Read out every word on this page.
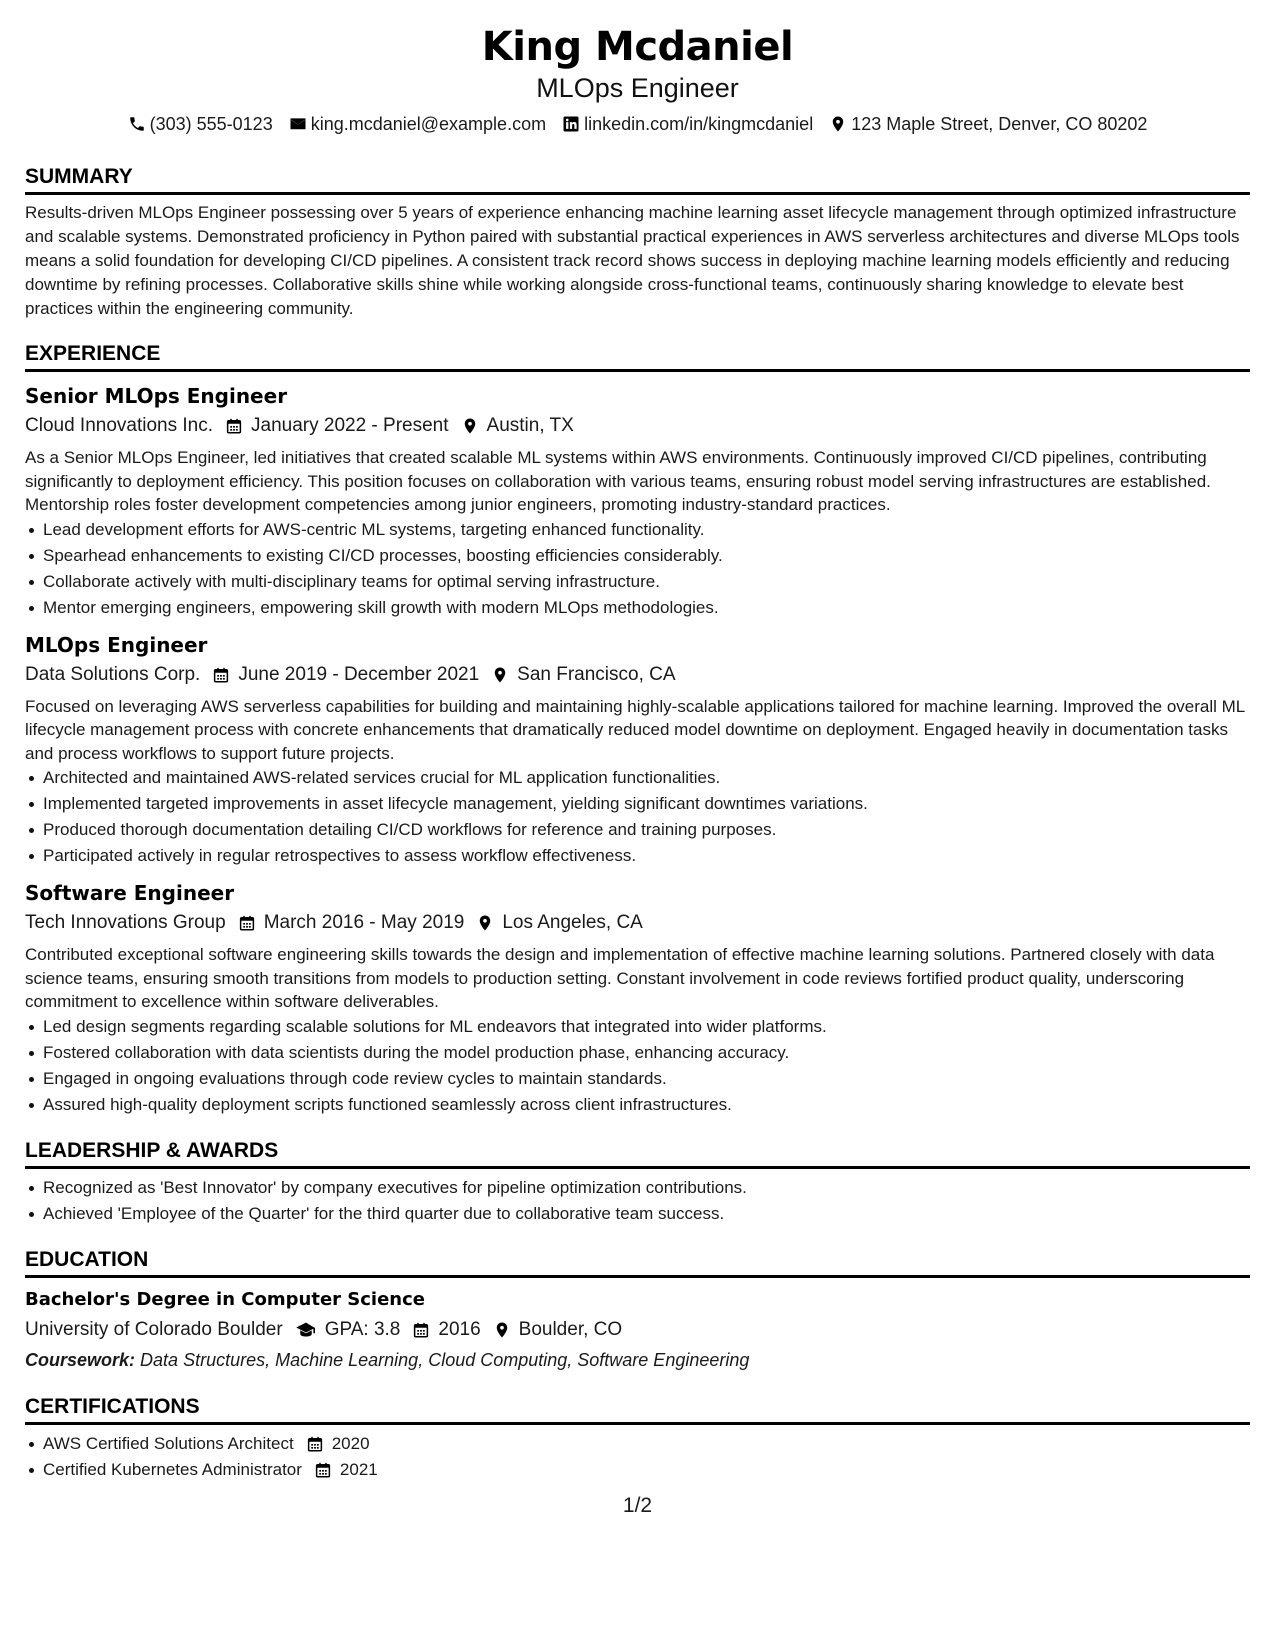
King Mcdaniel
MLOps Engineer
(303) 555-0123 king.mcdaniel@example.com linkedin.com/in/kingmcdaniel 123 Maple Street, Denver, CO 80202
SUMMARY
Results-driven MLOps Engineer possessing over 5 years of experience enhancing machine learning asset lifecycle management through optimized infrastructure and scalable systems. Demonstrated proficiency in Python paired with substantial practical experiences in AWS serverless architectures and diverse MLOps tools means a solid foundation for developing CI/CD pipelines. A consistent track record shows success in deploying machine learning models efficiently and reducing downtime by refining processes. Collaborative skills shine while working alongside cross-functional teams, continuously sharing knowledge to elevate best practices within the engineering community.
EXPERIENCE
Senior MLOps Engineer
Cloud Innovations Inc. January 2022 - Present Austin, TX
As a Senior MLOps Engineer, led initiatives that created scalable ML systems within AWS environments. Continuously improved CI/CD pipelines, contributing significantly to deployment efficiency. This position focuses on collaboration with various teams, ensuring robust model serving infrastructures are established. Mentorship roles foster development competencies among junior engineers, promoting industry-standard practices.
Lead development efforts for AWS-centric ML systems, targeting enhanced functionality.
Spearhead enhancements to existing CI/CD processes, boosting efficiencies considerably.
Collaborate actively with multi-disciplinary teams for optimal serving infrastructure.
Mentor emerging engineers, empowering skill growth with modern MLOps methodologies.
MLOps Engineer
Data Solutions Corp. June 2019 - December 2021 San Francisco, CA
Focused on leveraging AWS serverless capabilities for building and maintaining highly-scalable applications tailored for machine learning. Improved the overall ML lifecycle management process with concrete enhancements that dramatically reduced model downtime on deployment. Engaged heavily in documentation tasks and process workflows to support future projects.
Architected and maintained AWS-related services crucial for ML application functionalities.
Implemented targeted improvements in asset lifecycle management, yielding significant downtimes variations.
Produced thorough documentation detailing CI/CD workflows for reference and training purposes.
Participated actively in regular retrospectives to assess workflow effectiveness.
Software Engineer
Tech Innovations Group March 2016 - May 2019 Los Angeles, CA
Contributed exceptional software engineering skills towards the design and implementation of effective machine learning solutions. Partnered closely with data science teams, ensuring smooth transitions from models to production setting. Constant involvement in code reviews fortified product quality, underscoring commitment to excellence within software deliverables.
Led design segments regarding scalable solutions for ML endeavors that integrated into wider platforms.
Fostered collaboration with data scientists during the model production phase, enhancing accuracy.
Engaged in ongoing evaluations through code review cycles to maintain standards.
Assured high-quality deployment scripts functioned seamlessly across client infrastructures.
LEADERSHIP & AWARDS
Recognized as 'Best Innovator' by company executives for pipeline optimization contributions.
Achieved 'Employee of the Quarter' for the third quarter due to collaborative team success.
EDUCATION
Bachelor's Degree in Computer Science
University of Colorado Boulder GPA: 3.8 2016 Boulder, CO
Coursework: Data Structures, Machine Learning, Cloud Computing, Software Engineering
CERTIFICATIONS
AWS Certified Solutions Architect 2020
Certified Kubernetes Administrator 2021
1/2
